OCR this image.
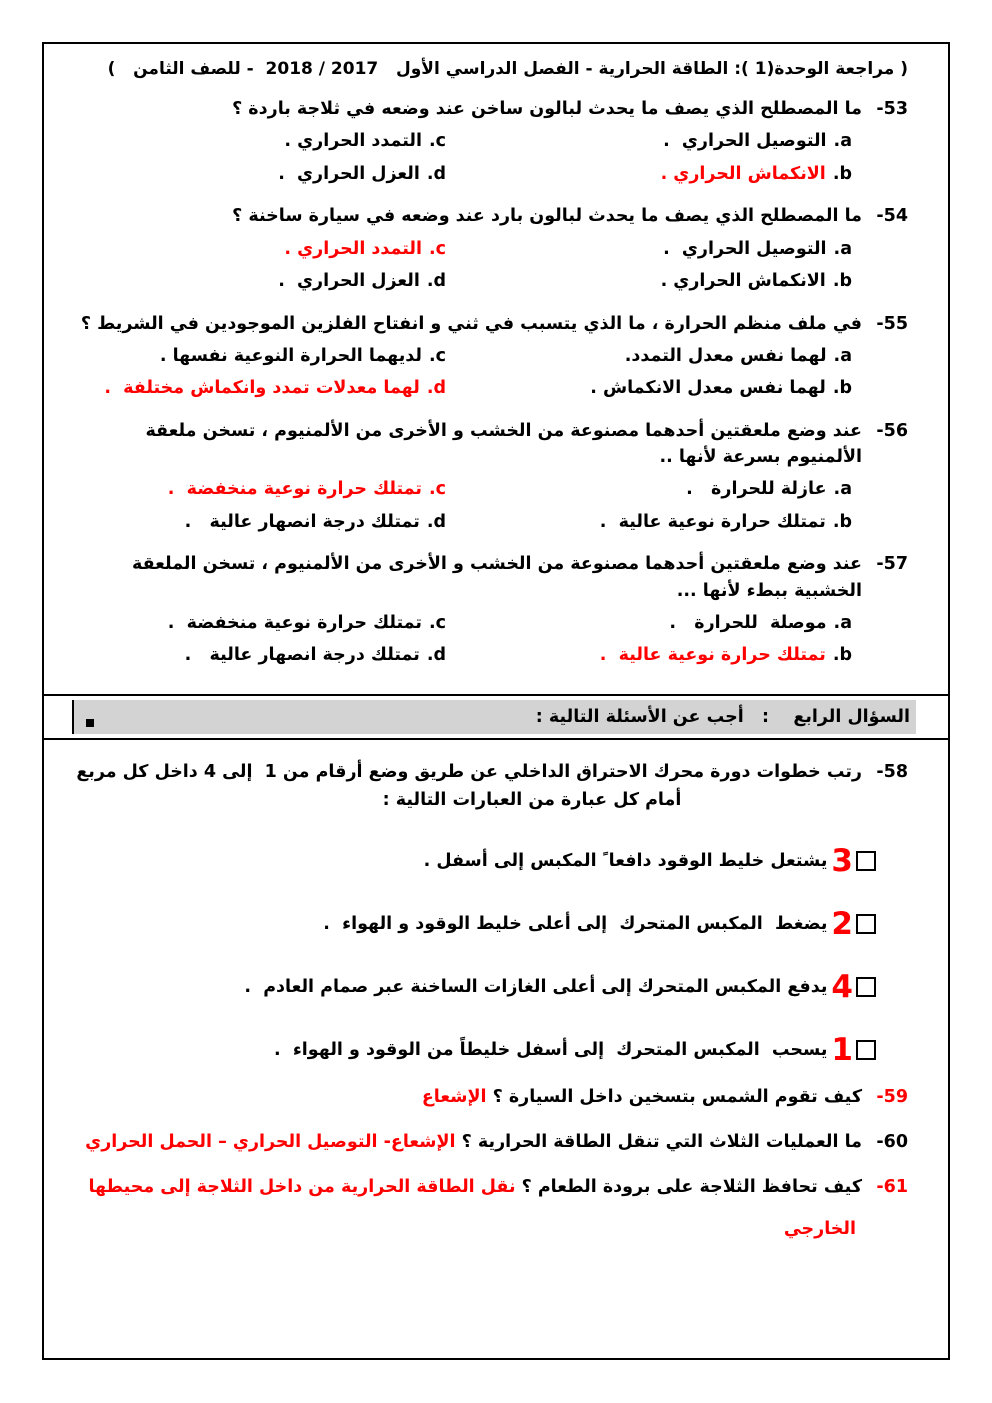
( مراجعة الوحدة(1 ): الطاقة الحرارية - الفصل الدراسي الأول   2017 / 2018  - للصف الثامن   )
53-
ما المصطلح الذي يصف ما يحدث لبالون ساخن عند وضعه في ثلاجة باردة ؟
a.التوصيل الحراري  .
c.التمدد الحراري .
b.الانكماش الحراري .
d.العزل الحراري  .
54-
ما المصطلح الذي يصف ما يحدث لبالون بارد عند وضعه في سيارة ساخنة ؟
a.التوصيل الحراري  .
c.التمدد الحراري .
b.الانكماش الحراري .
d.العزل الحراري  .
55-
في ملف منظم الحرارة ، ما الذي يتسبب في ثني و انفتاح الفلزين الموجودين في الشريط ؟
a.لهما نفس معدل التمدد.
c.لديهما الحرارة النوعية نفسها .
b.لهما نفس معدل الانكماش .
d.لهما معدلات تمدد وانكماش مختلفة  .
56-
عند وضع ملعقتين أحدهما مصنوعة من الخشب و الأخرى من الألمنيوم ، تسخن ملعقة
الألمنيوم بسرعة لأنها ..
a.عازلة للحرارة   .
c.تمتلك حرارة نوعية منخفضة  .
b.تمتلك حرارة نوعية عالية  .
d.تمتلك درجة انصهار عالية   .
57-
عند وضع ملعقتين أحدهما مصنوعة من الخشب و الأخرى من الألمنيوم ، تسخن الملعقة
الخشبية ببطء لأنها ...
a.موصلة  للحرارة   .
c.تمتلك حرارة نوعية منخفضة  .
b.تمتلك حرارة نوعية عالية  .
d.تمتلك درجة انصهار عالية   .
السؤال الرابع    :   أجب عن الأسئلة التالية :
58-
رتب خطوات دورة محرك الاحتراق الداخلي عن طريق وضع أرقام من 1  إلى 4 داخل كل مربع
أمام كل عبارة من العبارات التالية :
3
يشتعل خليط الوقود دافعا ً المكبس إلى أسفل .
2
يضغط  المكبس المتحرك  إلى أعلى خليط الوقود و الهواء  .
4
يدفع المكبس المتحرك إلى أعلى الغازات الساخنة عبر صمام العادم  .
1
يسحب  المكبس المتحرك  إلى أسفل خليطاً من الوقود و الهواء  .
59-
كيف تقوم الشمس بتسخين داخل السيارة ؟ الإشعاع
60-
ما العمليات الثلاث التي تنقل الطاقة الحرارية ؟ الإشعاع- التوصيل الحراري – الحمل الحراري
61-
كيف تحافظ الثلاجة على برودة الطعام ؟ نقل الطاقة الحرارية من داخل الثلاجة إلى محيطها
الخارجي
